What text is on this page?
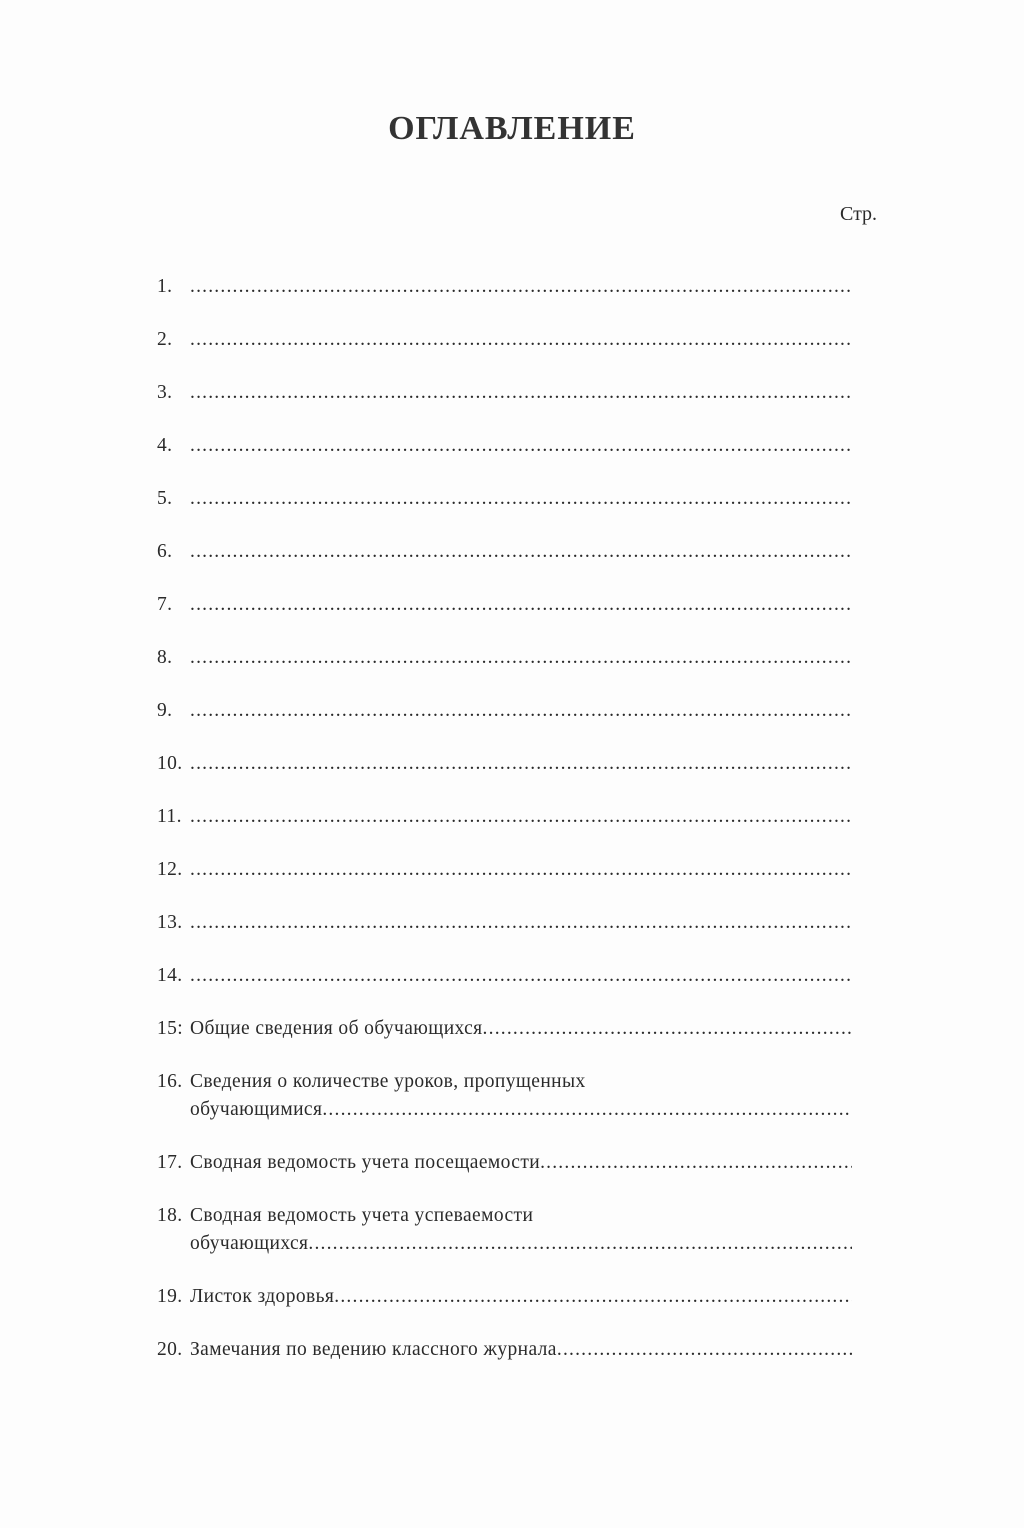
ОГЛАВЛЕНИЕ
Стр.
1.
.....
2.
.....
3.
.....
4.
.....
5.
.....
6.
.....
7.
.....
8.
.....
9.
.....
10.
.....
11.
.....
12.
.....
13.
.....
14.
.....
15: Общие сведения об обучающихся
.....
16. Сведения о количестве уроков, пропущенных
обучающимися
.....
17. Сводная ведомость учета посещаемости
.....
18. Сводная ведомость учета успеваемости
обучающихся
.....
19. Листок здоровья
.....
20. Замечания по ведению классного журнала
.....
